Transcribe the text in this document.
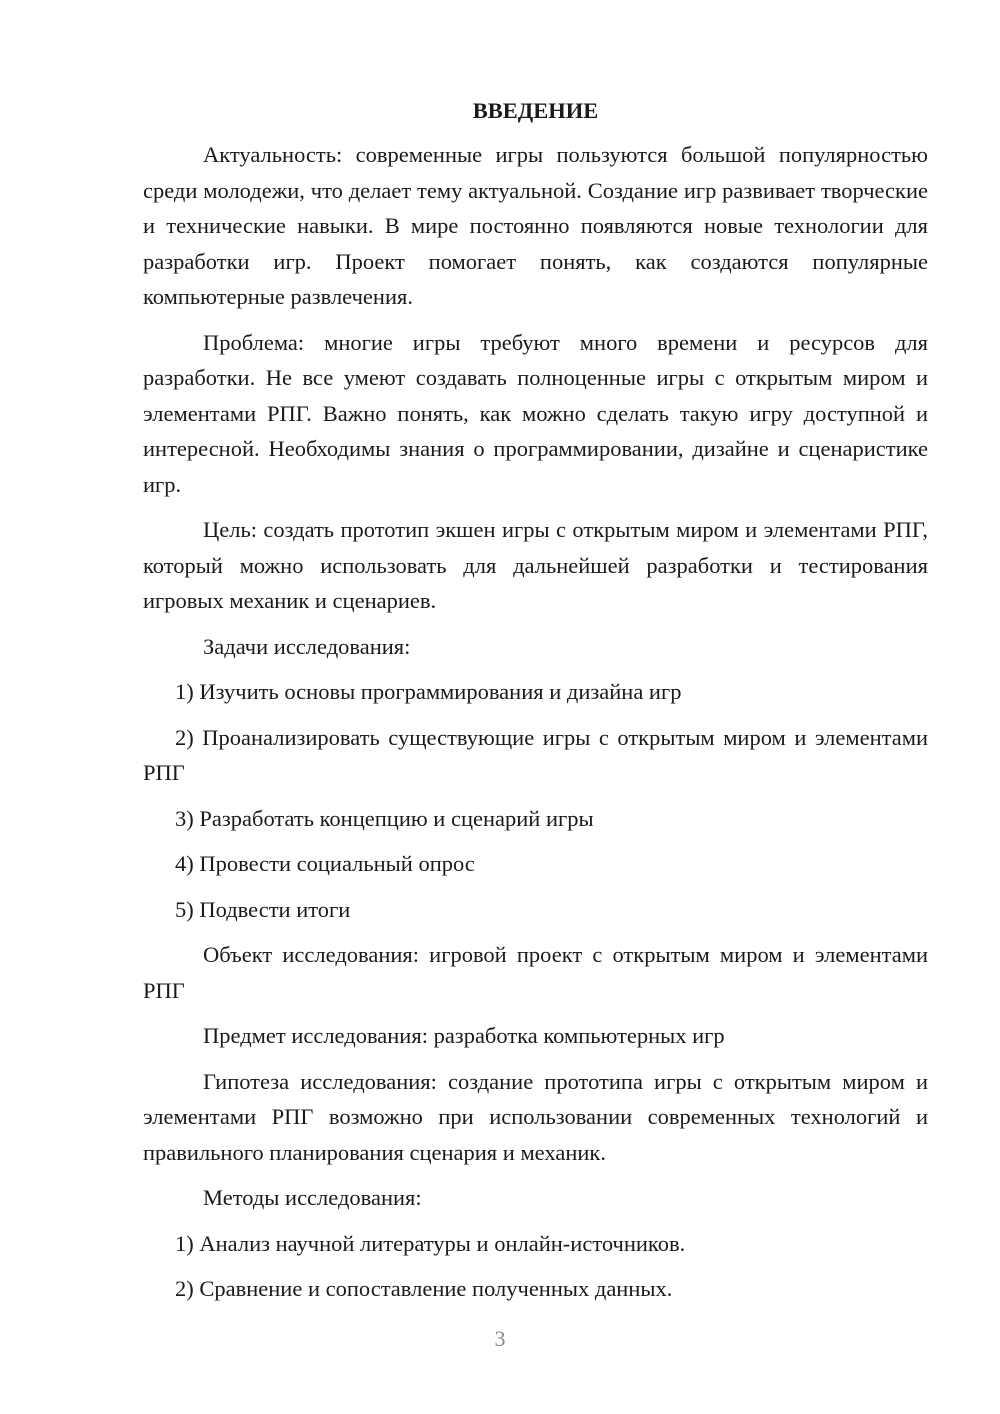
ВВЕДЕНИЕ

Актуальность: современные игры пользуются большой популярностью среди молодежи, что делает тему актуальной. Создание игр развивает творческие и технические навыки. В мире постоянно появляются новые технологии для разработки игр. Проект помогает понять, как создаются популярные компьютерные развлечения.

Проблема: многие игры требуют много времени и ресурсов для разработки. Не все умеют создавать полноценные игры с открытым миром и элементами РПГ. Важно понять, как можно сделать такую игру доступной и интересной. Необходимы знания о программировании, дизайне и сценаристике игр.

Цель: создать прототип экшен игры с открытым миром и элементами РПГ, который можно использовать для дальнейшей разработки и тестирования игровых механик и сценариев.

Задачи исследования:

1) Изучить основы программирования и дизайна игр

2) Проанализировать существующие игры с открытым миром и элементами РПГ

3) Разработать концепцию и сценарий игры

4) Провести социальный опрос

5) Подвести итоги

Объект исследования: игровой проект с открытым миром и элементами РПГ

Предмет исследования: разработка компьютерных игр

Гипотеза исследования: создание прототипа игры с открытым миром и элементами РПГ возможно при использовании современных технологий и правильного планирования сценария и механик.

Методы исследования:

1) Анализ научной литературы и онлайн-источников.

2) Сравнение и сопоставление полученных данных.

3
